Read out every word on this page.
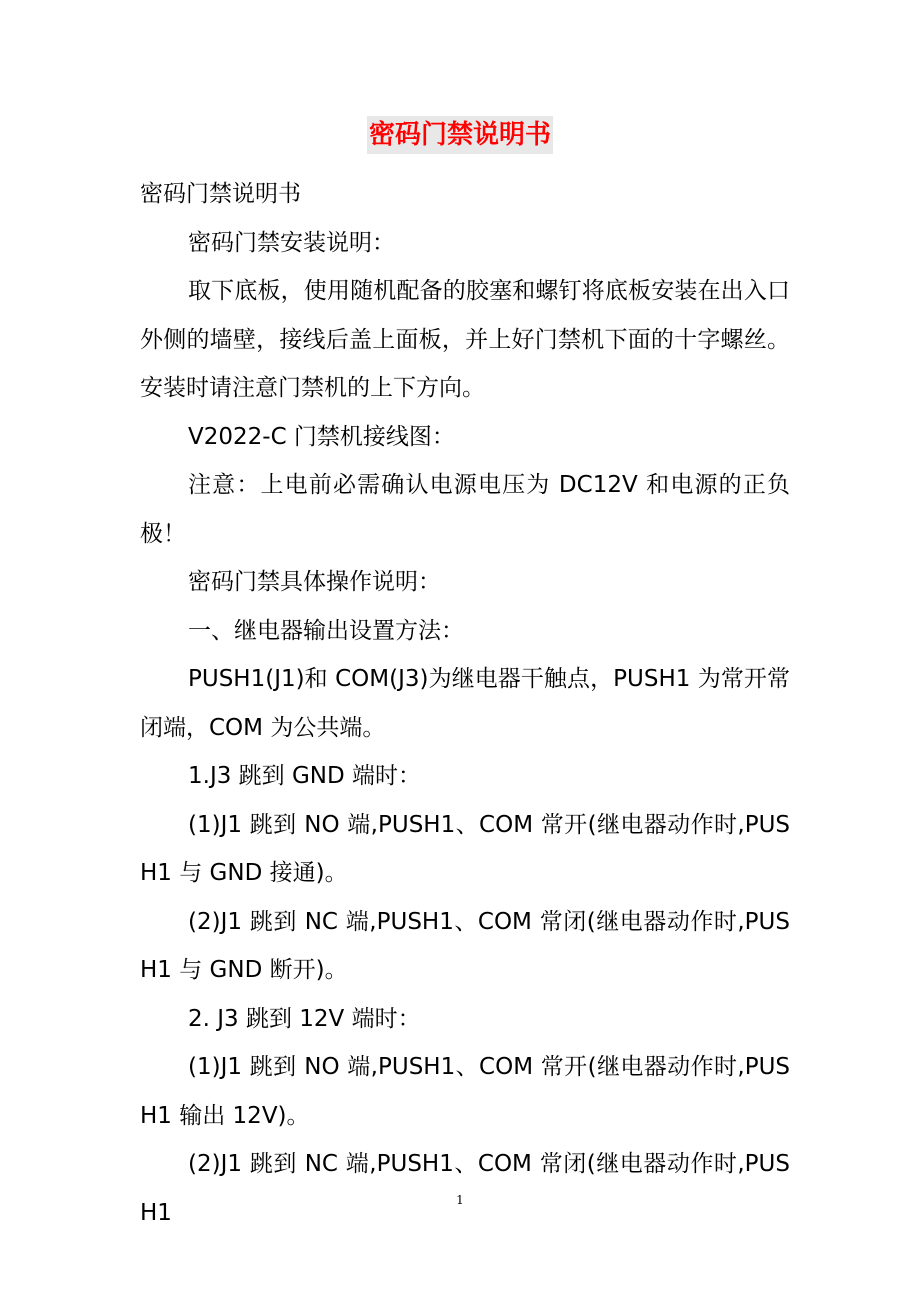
密码门禁说明书

密码门禁说明书

密码门禁安装说明：

取下底板，使用随机配备的胶塞和螺钉将底板安装在出入口外侧的墙壁，接线后盖上面板，并上好门禁机下面的十字螺丝。安装时请注意门禁机的上下方向。

V2022-C 门禁机接线图：

注意：上电前必需确认电源电压为 DC12V 和电源的正负极！

密码门禁具体操作说明：

一、继电器输出设置方法：

PUSH1(J1)和 COM(J3)为继电器干触点，PUSH1 为常开常闭端，COM 为公共端。

1.J3 跳到 GND 端时：

(1)J1 跳到 NO 端,PUSH1、COM 常开(继电器动作时,PUSH1 与 GND 接通)。

(2)J1 跳到 NC 端,PUSH1、COM 常闭(继电器动作时,PUSH1 与 GND 断开)。

2. J3 跳到 12V 端时：

(1)J1 跳到 NO 端,PUSH1、COM 常开(继电器动作时,PUSH1 输出 12V)。

(2)J1 跳到 NC 端,PUSH1、COM 常闭(继电器动作时,PUSH1	1
